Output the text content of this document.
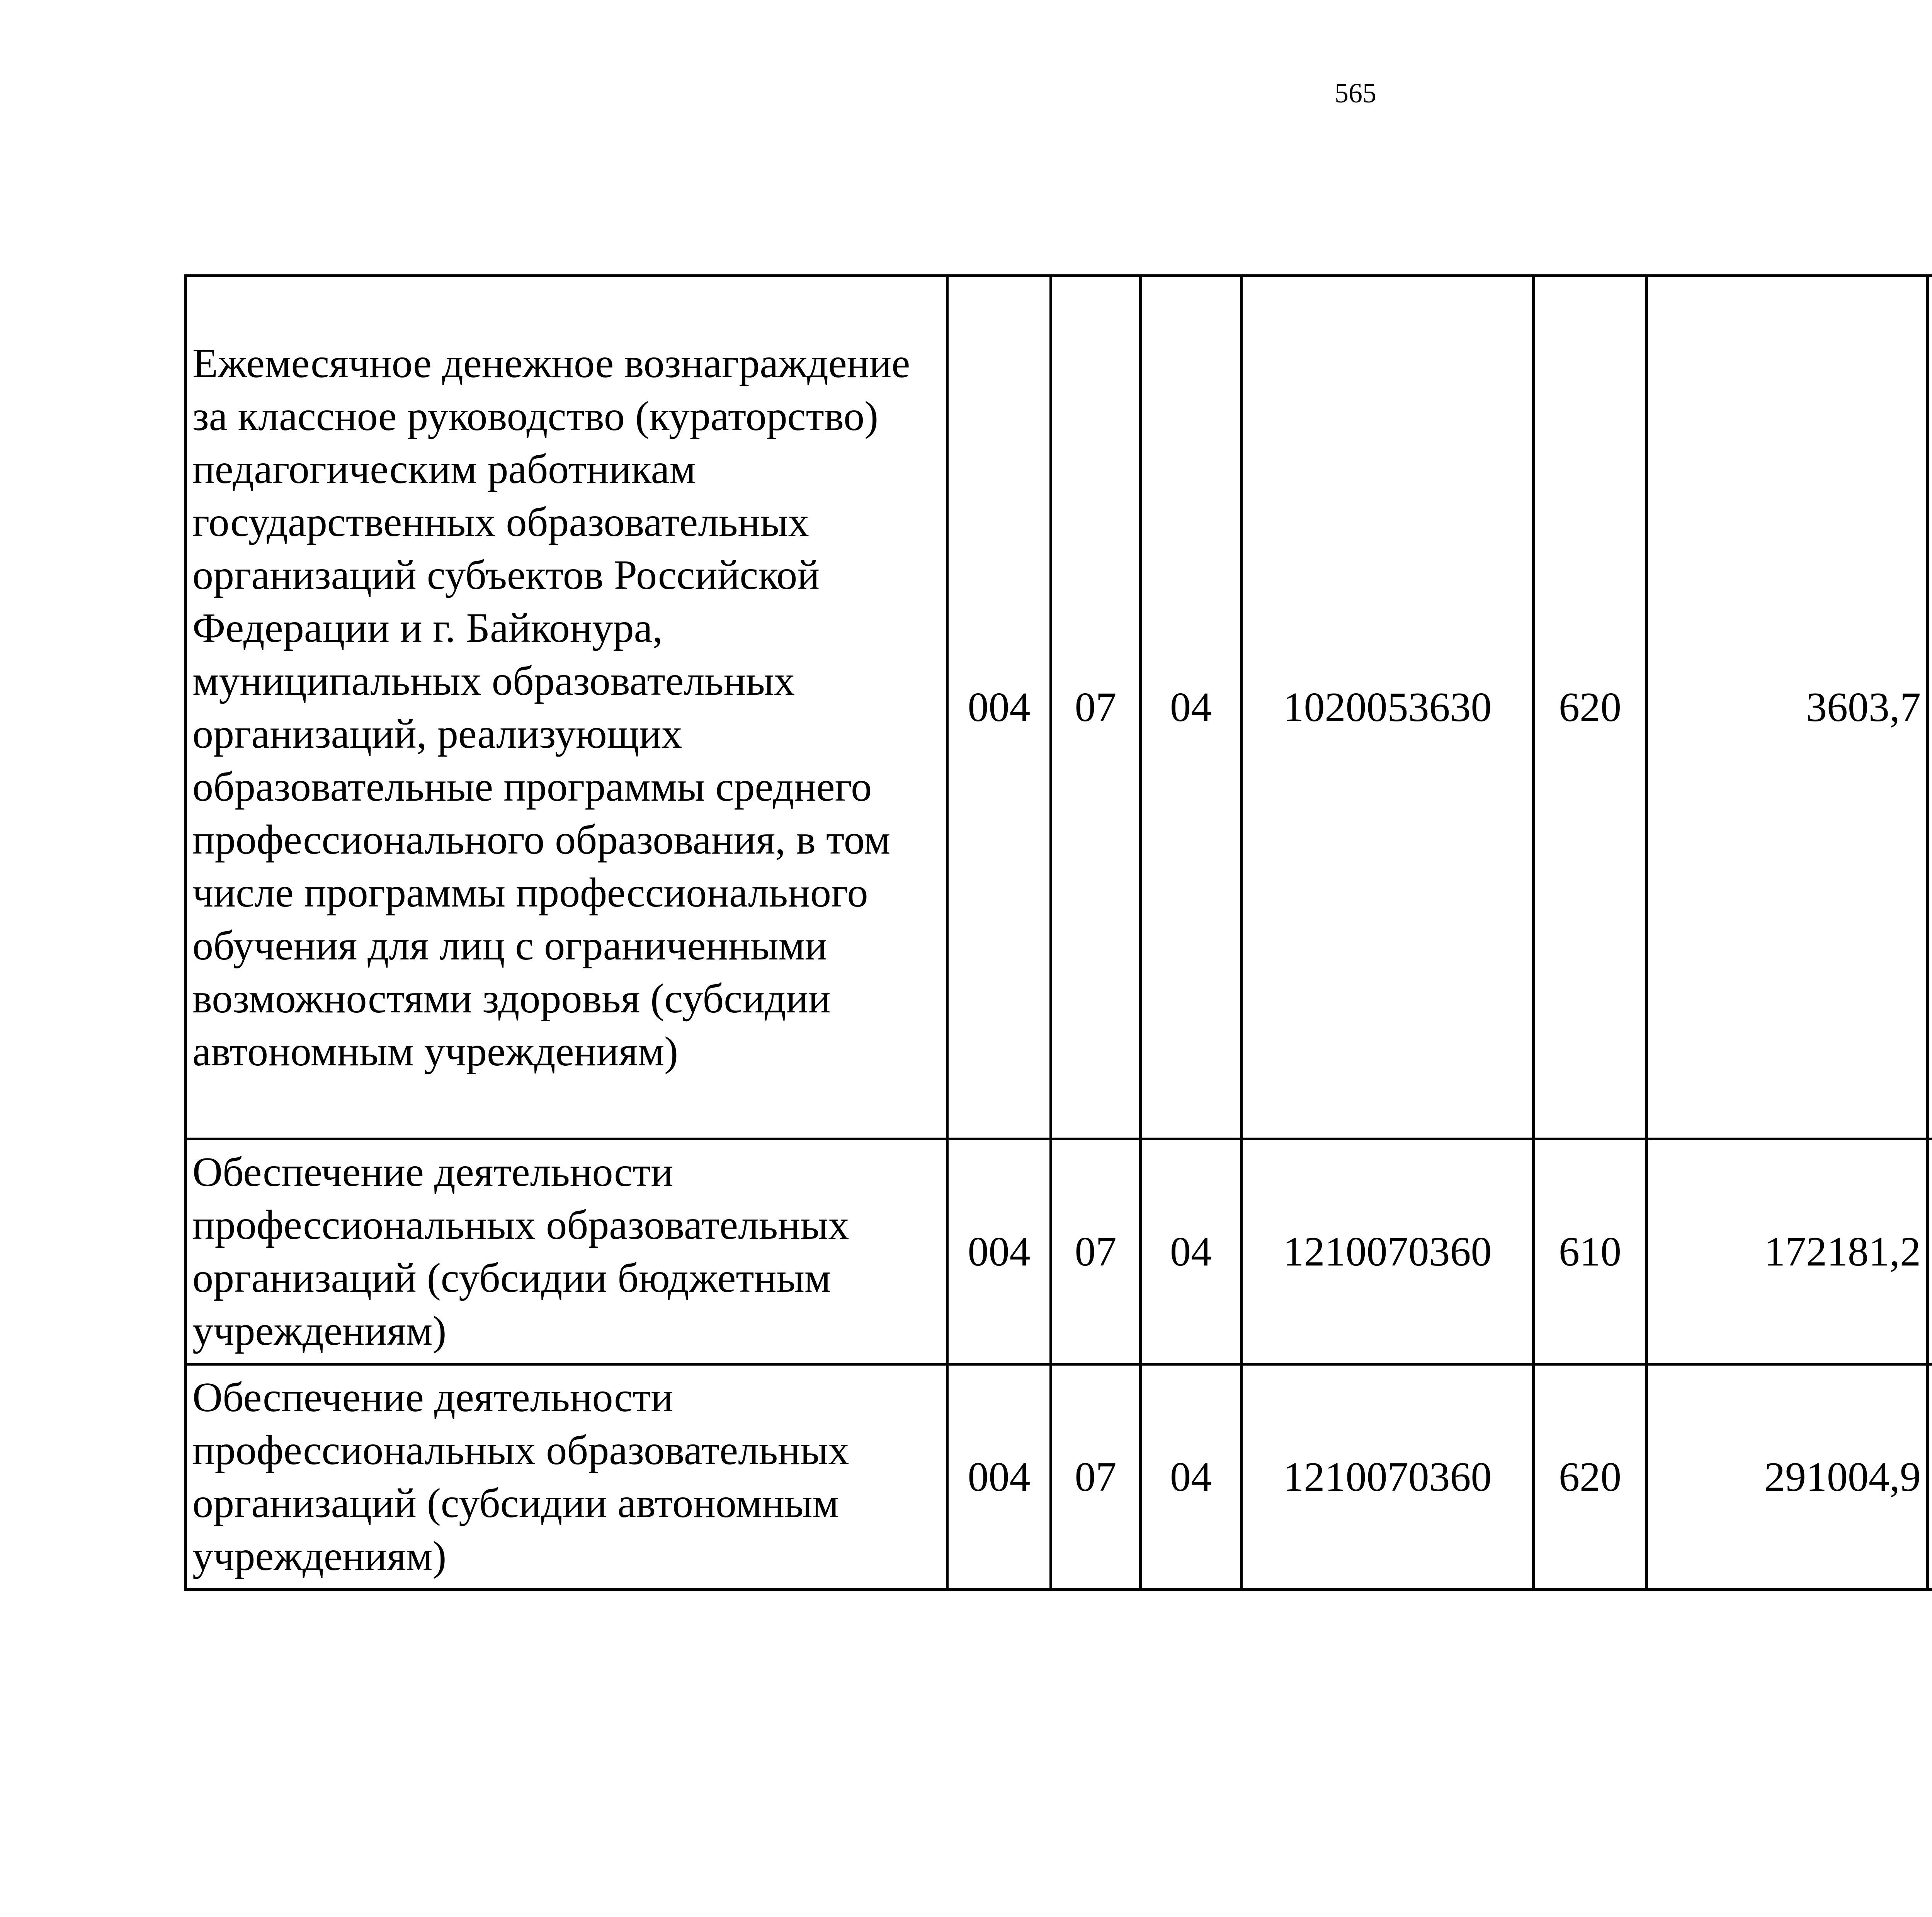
565
Ежемесячное денежное вознаграждение за классное руководство (кураторство) педагогическим работникам государственных образовательных организаций субъектов Российской Федерации и г. Байконура, муниципальных образовательных организаций, реализующих образовательные программы среднего профессионального образования, в том числе программы профессионального обучения для лиц с ограниченными возможностями здоровья (субсидии автономным учреждениям)	004	07	04	1020053630	620	3603,7		
Обеспечение деятельности профессиональных образовательных организаций (субсидии бюджетным учреждениям)	004	07	04	1210070360	610	172181,2		
Обеспечение деятельности профессиональных образовательных организаций (субсидии автономным учреждениям)	004	07	04	1210070360	620	291004,9		
